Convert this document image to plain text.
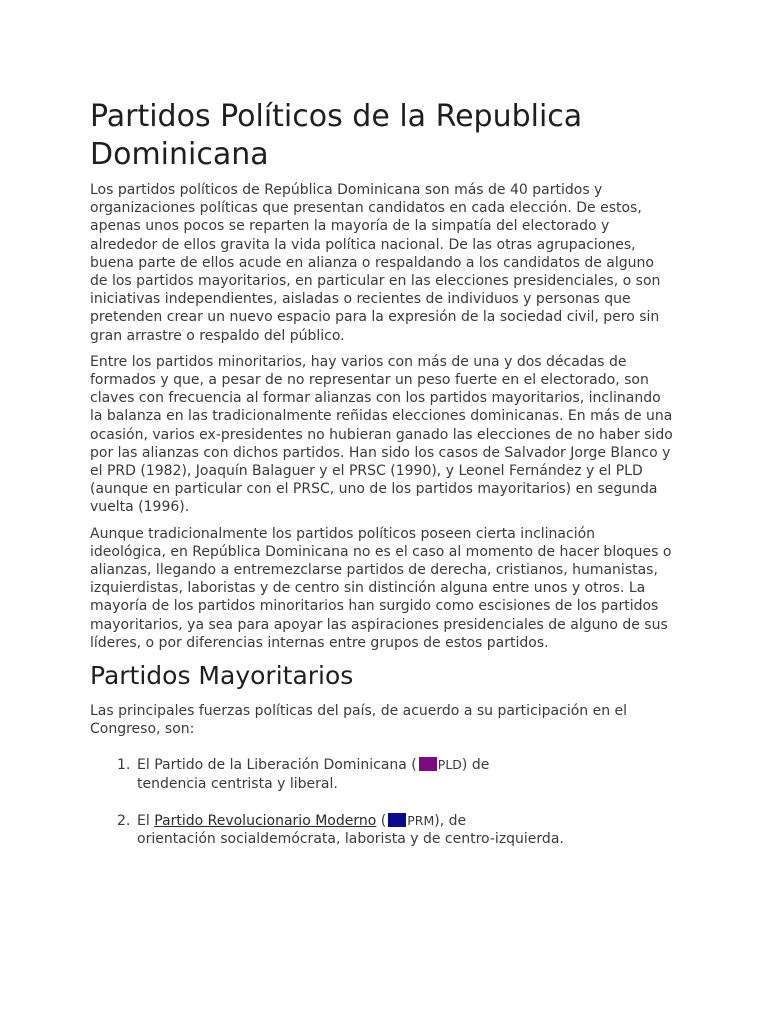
Partidos Políticos de la Republica Dominicana

Los partidos políticos de República Dominicana son más de 40 partidos y organizaciones políticas que presentan candidatos en cada elección. De estos, apenas unos pocos se reparten la mayoría de la simpatía del electorado y alrededor de ellos gravita la vida política nacional. De las otras agrupaciones, buena parte de ellos acude en alianza o respaldando a los candidatos de alguno de los partidos mayoritarios, en particular en las elecciones presidenciales, o son iniciativas independientes, aisladas o recientes de individuos y personas que pretenden crear un nuevo espacio para la expresión de la sociedad civil, pero sin gran arrastre o respaldo del público.

Entre los partidos minoritarios, hay varios con más de una y dos décadas de formados y que, a pesar de no representar un peso fuerte en el electorado, son claves con frecuencia al formar alianzas con los partidos mayoritarios, inclinando la balanza en las tradicionalmente reñidas elecciones dominicanas. En más de una ocasión, varios ex-presidentes no hubieran ganado las elecciones de no haber sido por las alianzas con dichos partidos. Han sido los casos de Salvador Jorge Blanco y el PRD (1982), Joaquín Balaguer y el PRSC (1990), y Leonel Fernández y el PLD (aunque en particular con el PRSC, uno de los partidos mayoritarios) en segunda vuelta (1996).

Aunque tradicionalmente los partidos políticos poseen cierta inclinación ideológica, en República Dominicana no es el caso al momento de hacer bloques o alianzas, llegando a entremezclarse partidos de derecha, cristianos, humanistas, izquierdistas, laboristas y de centro sin distinción alguna entre unos y otros. La mayoría de los partidos minoritarios han surgido como escisiones de los partidos mayoritarios, ya sea para apoyar las aspiraciones presidenciales de alguno de sus líderes, o por diferencias internas entre grupos de estos partidos.

Partidos Mayoritarios

Las principales fuerzas políticas del país, de acuerdo a su participación en el Congreso, son:

1. El Partido de la Liberación Dominicana ( PLD) de
tendencia centrista y liberal.
2. El Partido Revolucionario Moderno ( PRM), de
orientación socialdemócrata, laborista y de centro-izquierda.
